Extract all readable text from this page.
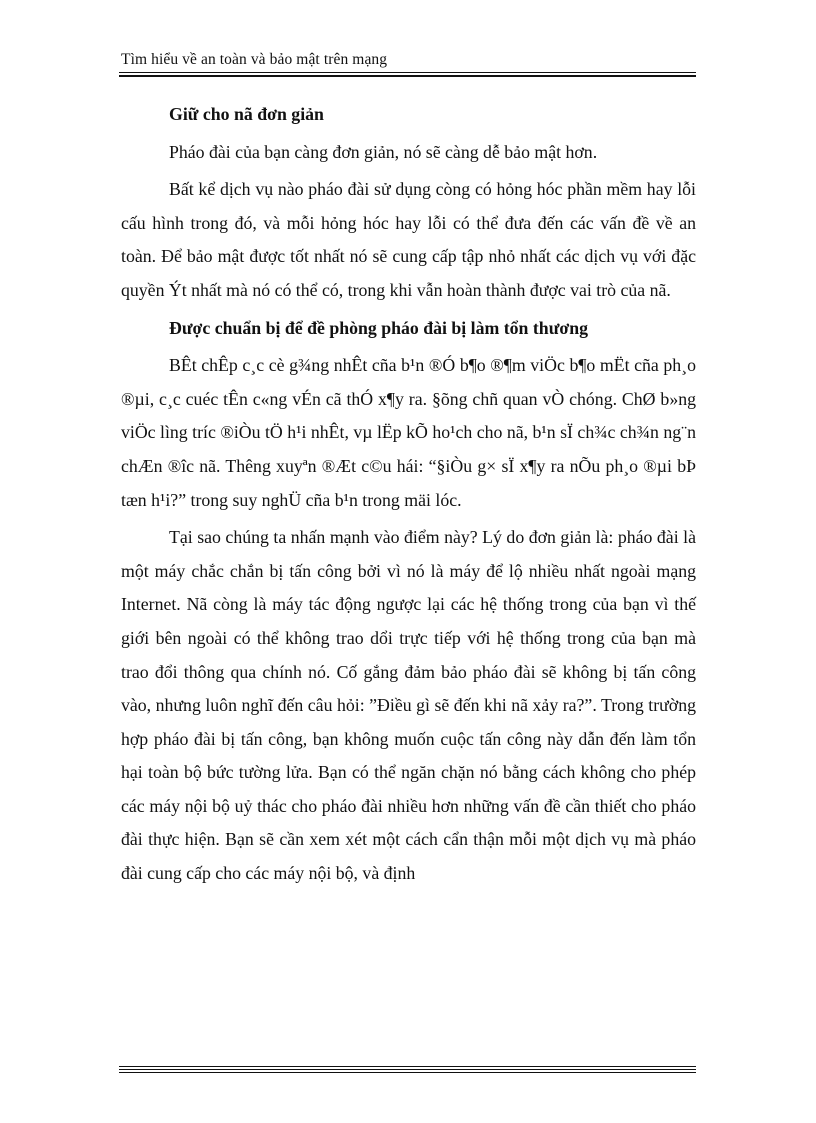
Tìm hiểu về an toàn và bảo mật trên mạng
Giữ cho nã đơn giản

Pháo đài của bạn càng đơn giản, nó sẽ càng dễ bảo mật hơn.

Bất kể dịch vụ nào pháo đài sử dụng còng có hỏng hóc phần mềm hay lỗi cấu hình trong đó, và mỗi hỏng hóc hay lỗi có thể đưa đến các vấn đề về an toàn. Để bảo mật được tốt nhất nó sẽ cung cấp tập nhỏ nhất các dịch vụ với đặc quyền Ýt nhất mà nó có thể có, trong khi vẫn hoàn thành được vai trò của nã.

Được chuẩn bị để đề phòng pháo đài bị làm tổn thương

BÊt chÊp c¸c cè g¾ng nhÊt cña b¹n ®Ó b¶o ®¶m viÖc b¶o mËt cña ph¸o ®µi, c¸c cuéc tÊn c«ng vÉn cã thÓ x¶y ra. §õng chñ quan vÒ chóng. ChØ b»ng viÖc lìng tríc ®iÒu tÖ h¹i nhÊt, vµ lËp kÕ ho¹ch cho nã, b¹n sÏ ch¾c ch¾n ng¨n chÆn ®îc nã. Thêng xuyªn ®Æt c©u hái: “§iÒu g× sÏ x¶y ra nÕu ph¸o ®µi bÞ tæn h¹i?” trong suy nghÜ cña b¹n trong mäi lóc.

Tại sao chúng ta nhấn mạnh vào điểm này? Lý do đơn giản là: pháo đài là một máy chắc chắn bị tấn công bởi vì nó là máy để lộ nhiều nhất ngoài mạng Internet. Nã còng là máy tác động ngược lại các hệ thống trong của bạn vì thế giới bên ngoài có thể không trao dổi trực tiếp với hệ thống trong của bạn mà trao đổi thông qua chính nó. Cố gắng đảm bảo pháo đài sẽ không bị tấn công vào, nhưng luôn nghĩ đến câu hỏi: ”Điều gì sẽ đến khi nã xảy ra?”. Trong trường hợp pháo đài bị tấn công, bạn không muốn cuộc tấn công này dẫn đến làm tổn hại toàn bộ bức tường lửa. Bạn có thể ngăn chặn nó bằng cách không cho phép các máy nội bộ uỷ thác cho pháo đài nhiều hơn những vấn đề cần thiết cho pháo đài thực hiện. Bạn sẽ cần xem xét một cách cẩn thận mỗi một dịch vụ mà pháo đài cung cấp cho các máy nội bộ, và định
